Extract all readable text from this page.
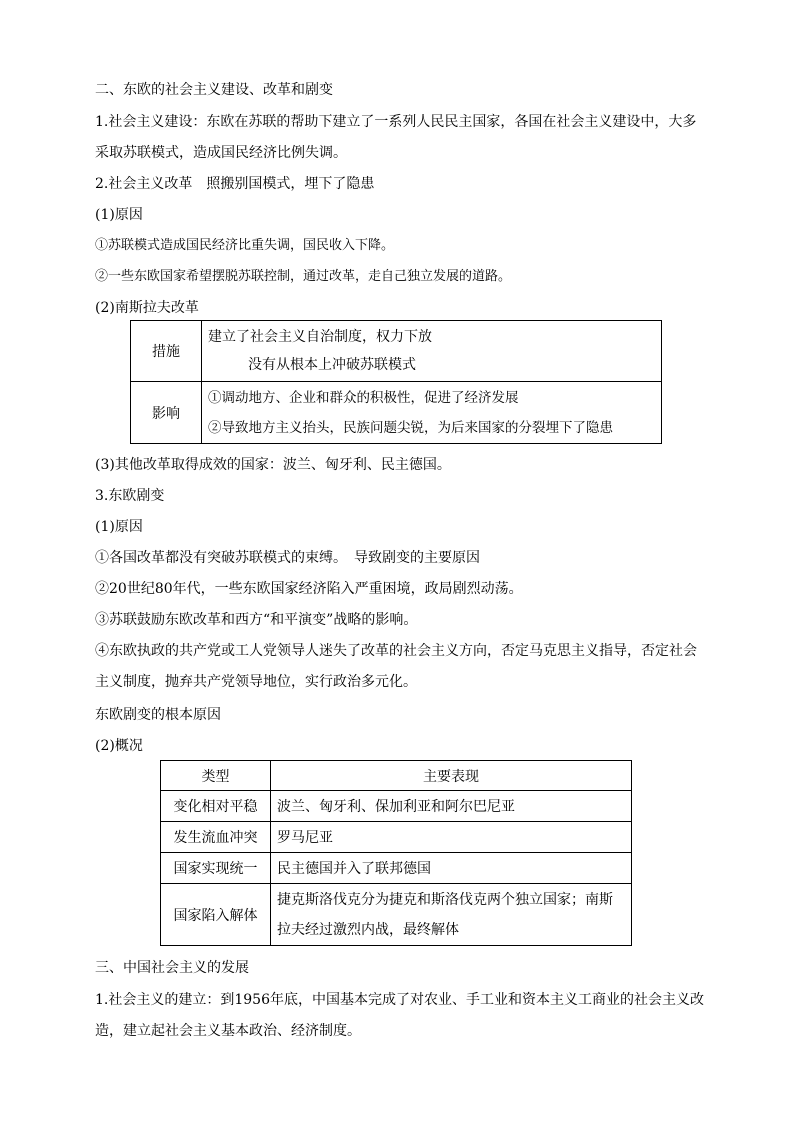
二、东欧的社会主义建设、改革和剧变
1.社会主义建设：东欧在苏联的帮助下建立了一系列人民民主国家，各国在社会主义建设中，大多
采取苏联模式，造成国民经济比例失调。
2.社会主义改革　照搬别国模式，埋下了隐患
(1)原因
①苏联模式造成国民经济比重失调，国民收入下降。
②一些东欧国家希望摆脱苏联控制，通过改革，走自己独立发展的道路。
(2)南斯拉夫改革
措施	建立了社会主义自治制度，权力下放
没有从根本上冲破苏联模式

影响	①调动地方、企业和群众的积极性，促进了经济发展
②导致地方主义抬头，民族问题尖锐，为后来国家的分裂埋下了隐患
(3)其他改革取得成效的国家：波兰、匈牙利、民主德国。
3.东欧剧变
(1)原因
①各国改革都没有突破苏联模式的束缚。　导致剧变的主要原因
②20世纪80年代，一些东欧国家经济陷入严重困境，政局剧烈动荡。
③苏联鼓励东欧改革和西方“和平演变”战略的影响。
④东欧执政的共产党或工人党领导人迷失了改革的社会主义方向，否定马克思主义指导，否定社会
主义制度，抛弃共产党领导地位，实行政治多元化。
东欧剧变的根本原因
(2)概况
类型	主要表现
变化相对平稳	波兰、匈牙利、保加利亚和阿尔巴尼亚
发生流血冲突	罗马尼亚
国家实现统一	民主德国并入了联邦德国
国家陷入解体	捷克斯洛伐克分为捷克和斯洛伐克两个独立国家；南斯拉夫经过激烈内战，最终解体
三、中国社会主义的发展
1.社会主义的建立：到1956年底，中国基本完成了对农业、手工业和资本主义工商业的社会主义改
造，建立起社会主义基本政治、经济制度。
